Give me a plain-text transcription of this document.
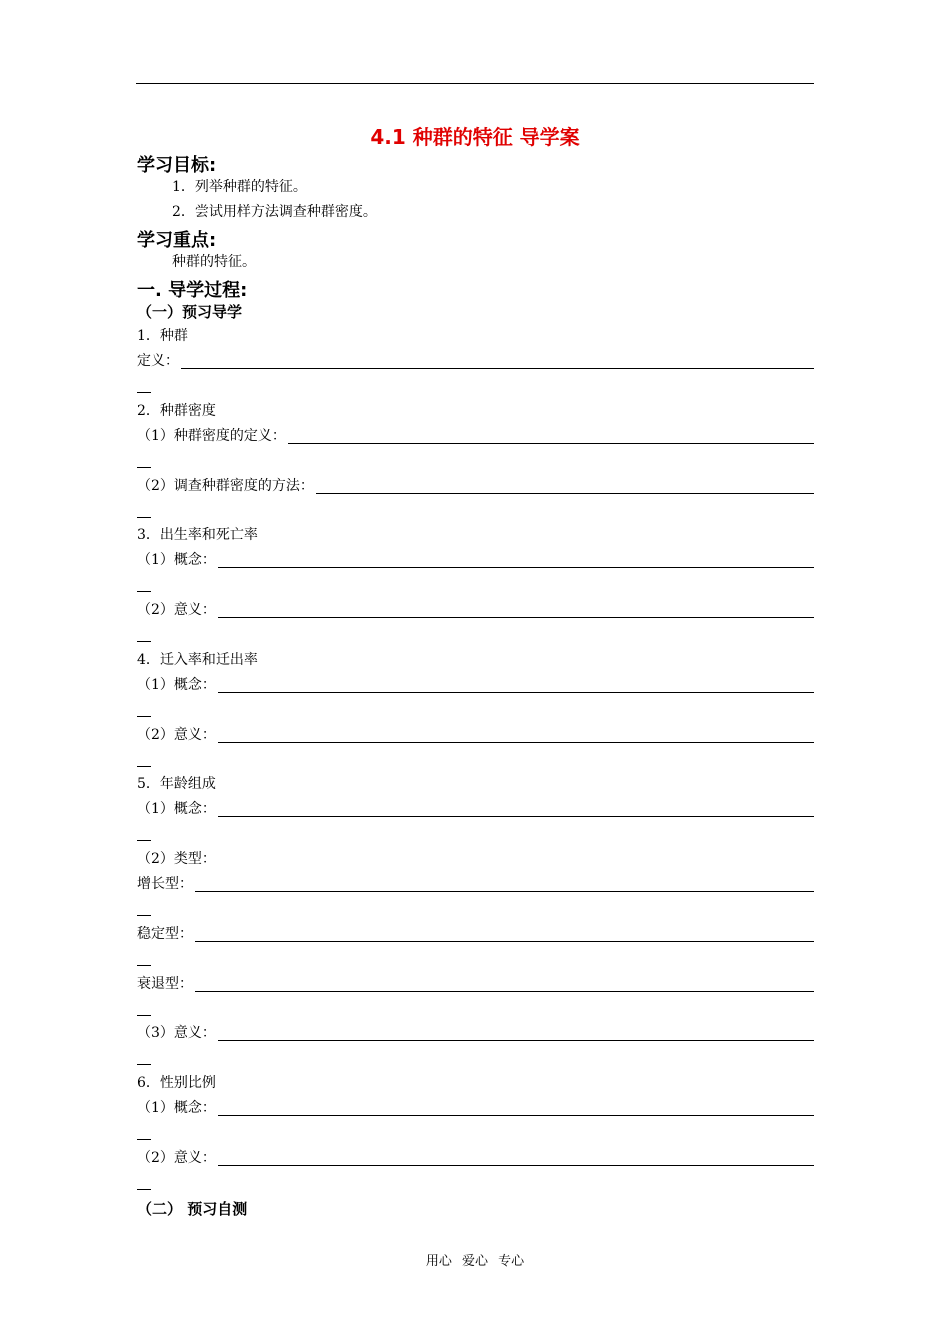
4.1 种群的特征 导学案
学习目标:
1．列举种群的特征。
2．尝试用样方法调查种群密度。
学习重点:
种群的特征。
一. 导学过程:
（一）预习导学
1．种群
定义：
2．种群密度
（1）种群密度的定义：
（2）调查种群密度的方法：
3．出生率和死亡率
（1）概念：
（2）意义：
4．迁入率和迁出率
（1）概念：
（2）意义：
5．年龄组成
（1）概念：
（2）类型：
增长型：
稳定型：
衰退型：
（3）意义：
6．性别比例
（1）概念：
（2）意义：
（二） 预习自测
用心 爱心 专心
